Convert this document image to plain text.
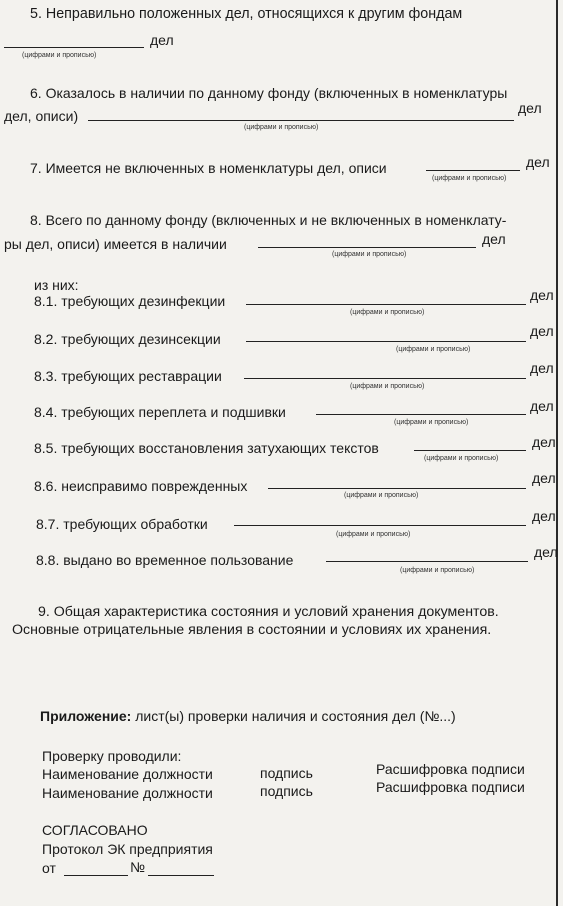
5. Неправильно положенных дел, относящихся к другим фондам
дел
(цифрами и прописью)
6. Оказалось в наличии по данному фонду (включенных в номенклатуры
дел, описи)	дел
(цифрами и прописью)
7. Имеется не включенных в номенклатуры дел, описи	дел
(цифрами и прописью)
8. Всего по данному фонду (включенных и не включенных в номенклату-
ры дел, описи) имеется в наличии	дел
(цифрами и прописью)
из них:
8.1. требующих дезинфекции	дел
(цифрами и прописью)
8.2. требующих дезинсекции	дел
(цифрами и прописью)
8.3. требующих реставрации	дел
(цифрами и прописью)
8.4. требующих переплета и подшивки	дел
(цифрами и прописью)
8.5. требующих восстановления затухающих текстов	дел
(цифрами и прописью)
8.6. неисправимо поврежденных	дел
(цифрами и прописью)
8.7. требующих обработки	дел
(цифрами и прописью)
8.8. выдано во временное пользование	дел
(цифрами и прописью)
9. Общая характеристика состояния и условий хранения документов.
Основные отрицательные явления в состоянии и условиях их хранения.
Приложение: лист(ы) проверки наличия и состояния дел (№...)
Проверку проводили:
Наименование должности	подпись	Расшифровка подписи
Наименование должности	подпись	Расшифровка подписи
СОГЛАСОВАНО
Протокол ЭК предприятия
от	№
